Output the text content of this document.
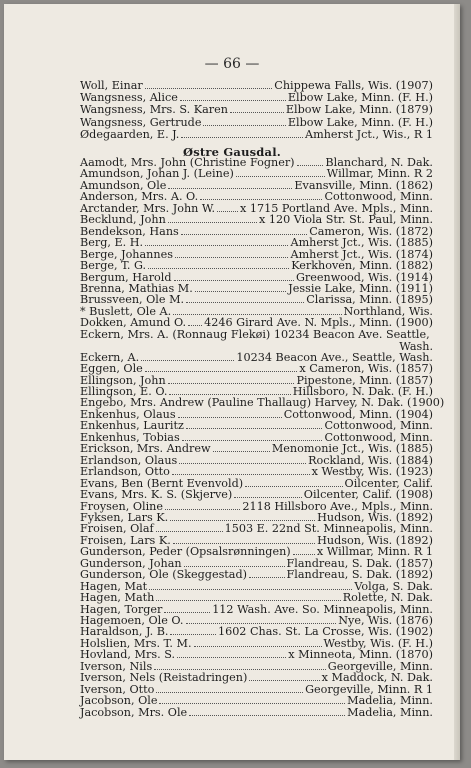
— 66 —
Østre Gausdal.
Woll, Einar	Chippewa Falls, Wis. (1907)
Wangsness, Alice	Elbow Lake, Minn. (F. H.)
Wangsness, Mrs. S. Karen	Elbow Lake, Minn. (1879)
Wangsness, Gertrude	Elbow Lake, Minn. (F. H.)
Ødegaarden, E. J.	Amherst Jct., Wis., R 1
Aamodt, Mrs. John (Christine Fogner)	Blanchard, N. Dak.
Amundson, Johan J. (Leine)	Willmar, Minn. R 2
Amundson, Ole	Evansville, Minn. (1862)
Anderson, Mrs. A. O.	Cottonwood, Minn.
Arctander, Mrs. John W. x 1715 Portland Ave. Mpls., Minn.
Becklund, John	x 120 Viola Str. St. Paul, Minn.
Bendekson, Hans	Cameron, Wis. (1872)
Berg, E. H.	Amherst Jct., Wis. (1885)
Berge, Johannes	Amherst Jct., Wis. (1874)
Berge, T. G.	Kerkhoven, Minn. (1882)
Bergum, Harold	Greenwood, Wis. (1914)
Brenna, Mathias M.	Jessie Lake, Minn. (1911)
Brussveen, Ole M.	Clarissa, Minn. (1895)
* Buslett, Ole A.	Northland, Wis.
Dokken, Amund O. 4246 Girard Ave. N. Mpls., Minn. (1900)
Eckern, Mrs. A. (Ronnaug Flekøi) 10234 Beacon Ave. Seattle,
Wash.
Eckern, A.	10234 Beacon Ave., Seattle, Wash.
Eggen, Ole	x Cameron, Wis. (1857)
Ellingson, John	Pipestone, Minn. (1857)
Ellingson, E. O.	Hillsboro, N. Dak. (F. H.)
Engebo, Mrs. Andrew (Pauline Thallaug) Harvey, N. Dak. (1900)
Enkenhus, Olaus	Cottonwood, Minn. (1904)
Enkenhus, Lauritz	Cottonwood, Minn.
Enkenhus, Tobias	Cottonwood, Minn.
Erickson, Mrs. Andrew	Menomonie Jct., Wis. (1885)
Erlandson, Olaus	Rockland, Wis. (1884)
Erlandson, Otto	x Westby, Wis. (1923)
Evans, Ben (Bernt Evenvold)	Oilcenter, Calif.
Evans, Mrs. K. S. (Skjerve)	Oilcenter, Calif. (1908)
Froysen, Oline	2118 Hillsboro Ave., Mpls., Minn.
Fyksen, Lars K.	Hudson, Wis. (1892)
Froisen, Olaf	1503 E. 22nd St. Minneapolis, Minn.
Froisen, Lars K.	Hudson, Wis. (1892)
Gunderson, Peder (Opsalsrønningen) x Willmar, Minn. R 1
Gunderson, Johan	Flandreau, S. Dak. (1857)
Gunderson, Ole (Skeggestad)	Flandreau, S. Dak. (1892)
Hagen, Mat	Volga, S. Dak.
Hagen, Math	Rolette, N. Dak.
Hagen, Torger	112 Wash. Ave. So. Minneapolis, Minn.
Hagemoen, Ole O.	Nye, Wis. (1876)
Haraldson, J. B.	1602 Chas. St. La Crosse, Wis. (1902)
Holslien, Mrs. T. M.	Westby, Wis. (F. H.)
Hovland, Mrs. S.	x Minneota, Minn. (1870)
Iverson, Nils	Georgeville, Minn.
Iverson, Nels (Reistadringen)	x Maddock, N. Dak.
Iverson, Otto	Georgeville, Minn. R 1
Jacobson, Ole	Madelia, Minn.
Jacobson, Mrs. Ole	Madelia, Minn.
